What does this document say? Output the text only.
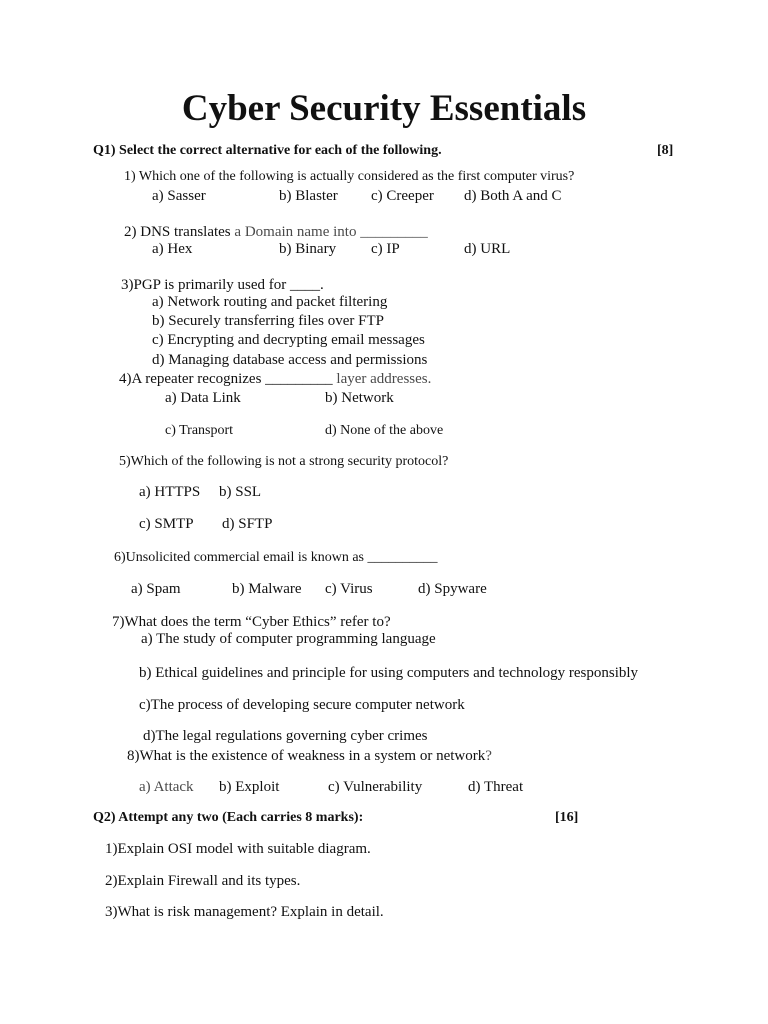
Cyber Security Essentials
Q1) Select the correct alternative for each of the following.	[8]
1) Which one of the following is actually considered as the first computer virus?
a) Sasser	b) Blaster c) Creeper d) Both A and C
2) DNS translates a Domain name into _________
a) Hex	b) Binary c) IP	d) URL
3)PGP is primarily used for ____.
a) Network routing and packet filtering
b) Securely transferring files over FTP
c) Encrypting and decrypting email messages
d) Managing database access and permissions
4)A repeater recognizes _________ layer addresses.
a) Data Link	b) Network
c) Transport	d) None of the above
5)Which of the following is not a strong security protocol?
a) HTTPS b) SSL
c) SMTP d) SFTP
6)Unsolicited commercial email is known as __________
a) Spam	b) Malware c) Virus	d) Spyware
7)What does the term “Cyber Ethics” refer to?
a) The study of computer programming language
b) Ethical guidelines and principle for using computers and technology responsibly
c)The process of developing secure computer network
d)The legal regulations governing cyber crimes
8)What is the existence of weakness in a system or network?
a) Attack b) Exploit	c) Vulnerability	d) Threat
Q2) Attempt any two (Each carries 8 marks):	[16]
1)Explain OSI model with suitable diagram.
2)Explain Firewall and its types.
3)What is risk management? Explain in detail.
